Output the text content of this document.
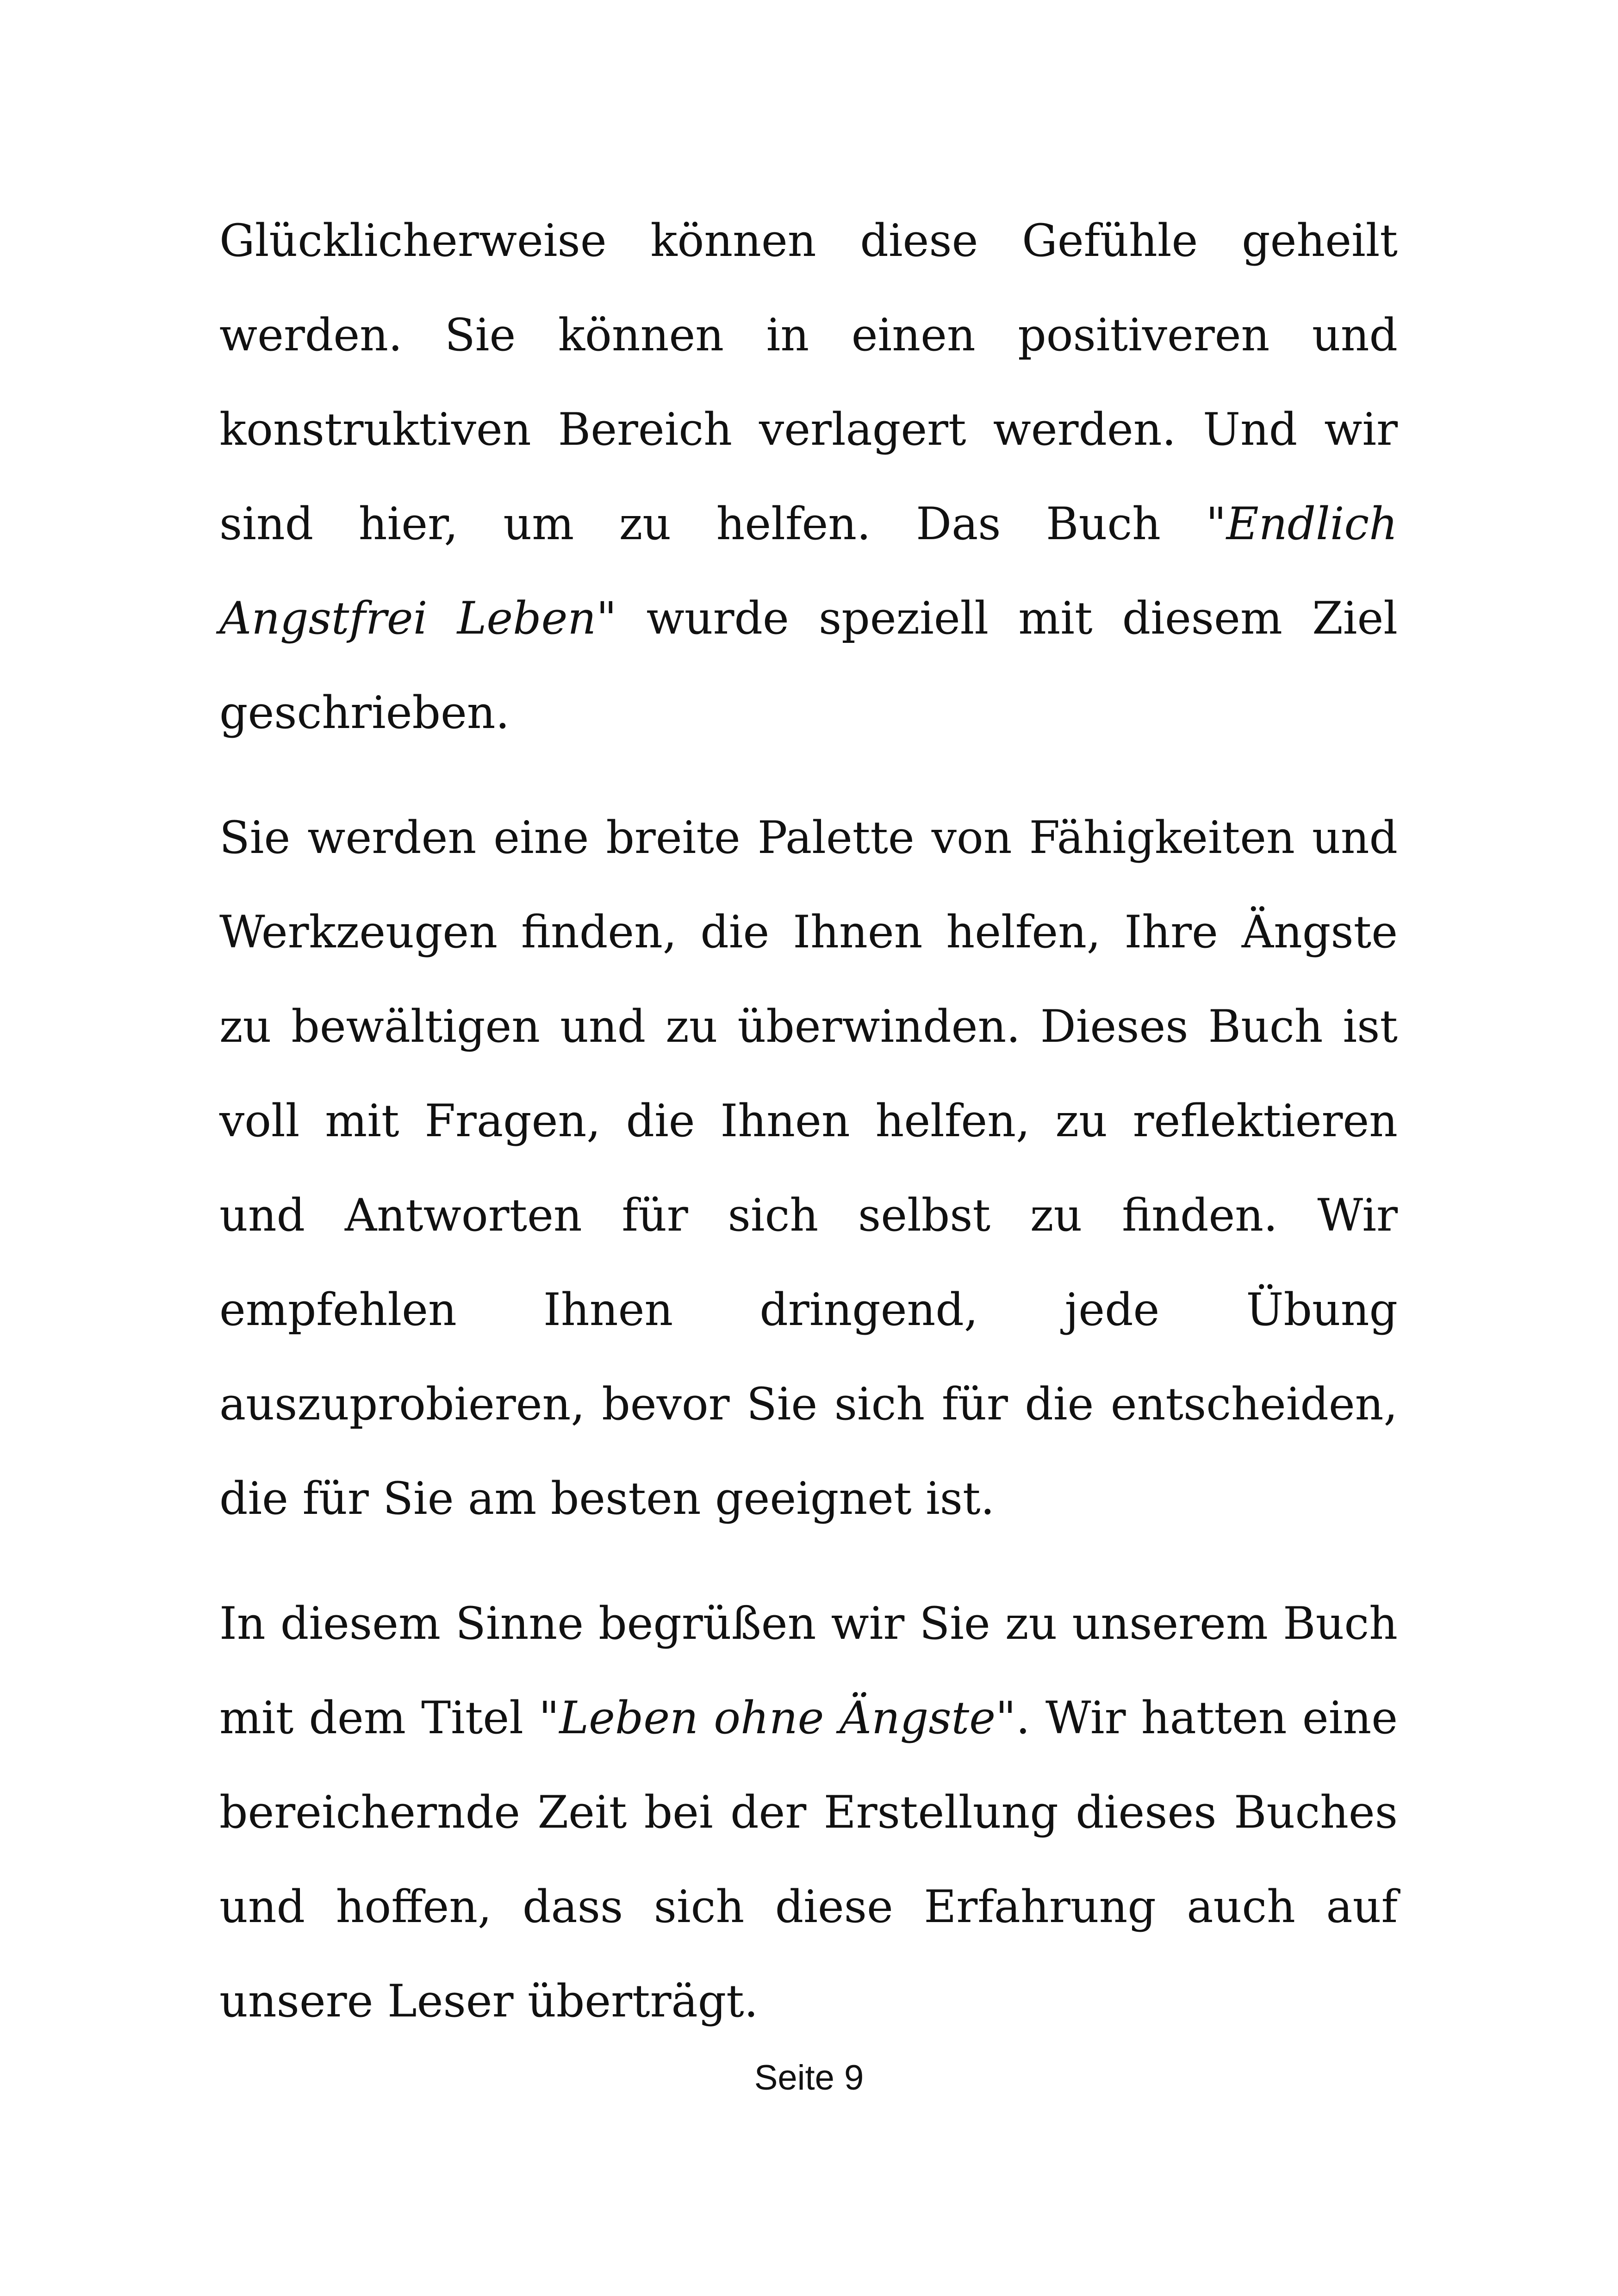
Glücklicherweise können diese Gefühle geheilt werden. Sie können in einen positiveren und konstruktiven Bereich verlagert werden. Und wir sind hier, um zu helfen. Das Buch "Endlich Angstfrei Leben" wurde speziell mit diesem Ziel geschrieben.

Sie werden eine breite Palette von Fähigkeiten und Werkzeugen finden, die Ihnen helfen, Ihre Ängste zu bewältigen und zu überwinden. Dieses Buch ist voll mit Fragen, die Ihnen helfen, zu reflektieren und Antworten für sich selbst zu finden. Wir empfehlen Ihnen dringend, jede Übung auszuprobieren, bevor Sie sich für die entscheiden, die für Sie am besten geeignet ist.

In diesem Sinne begrüßen wir Sie zu unserem Buch mit dem Titel "Leben ohne Ängste". Wir hatten eine bereichernde Zeit bei der Erstellung dieses Buches und hoffen, dass sich diese Erfahrung auch auf unsere Leser überträgt.

Seite 9
